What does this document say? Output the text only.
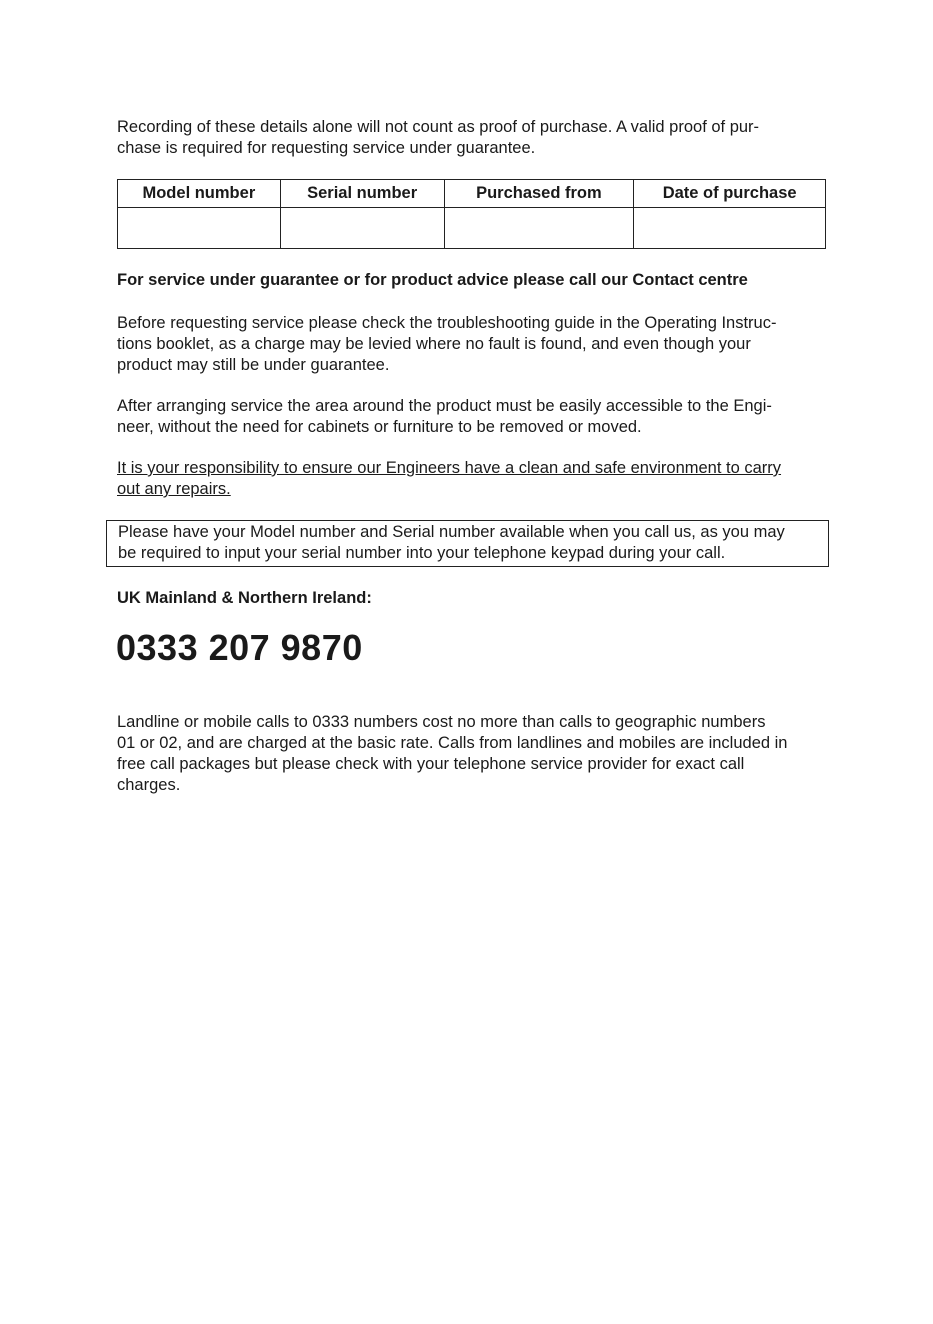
Recording of these details alone will not count as proof of purchase. A valid proof of pur-
chase is required for requesting service under guarantee.

Model number	Serial number	Purchased from	Date of purchase

For service under guarantee or for product advice please call our Contact centre

Before requesting service please check the troubleshooting guide in the Operating Instruc-
tions booklet, as a charge may be levied where no fault is found, and even though your
product may still be under guarantee.

After arranging service the area around the product must be easily accessible to the Engi-
neer, without the need for cabinets or furniture to be removed or moved.

It is your responsibility to ensure our Engineers have a clean and safe environment to carry
out any repairs.

Please have your Model number and Serial number available when you call us, as you may
be required to input your serial number into your telephone keypad during your call.

UK Mainland & Northern Ireland:

0333 207 9870

Landline or mobile calls to 0333 numbers cost no more than calls to geographic numbers
01 or 02, and are charged at the basic rate. Calls from landlines and mobiles are included in
free call packages but please check with your telephone service provider for exact call
charges.
